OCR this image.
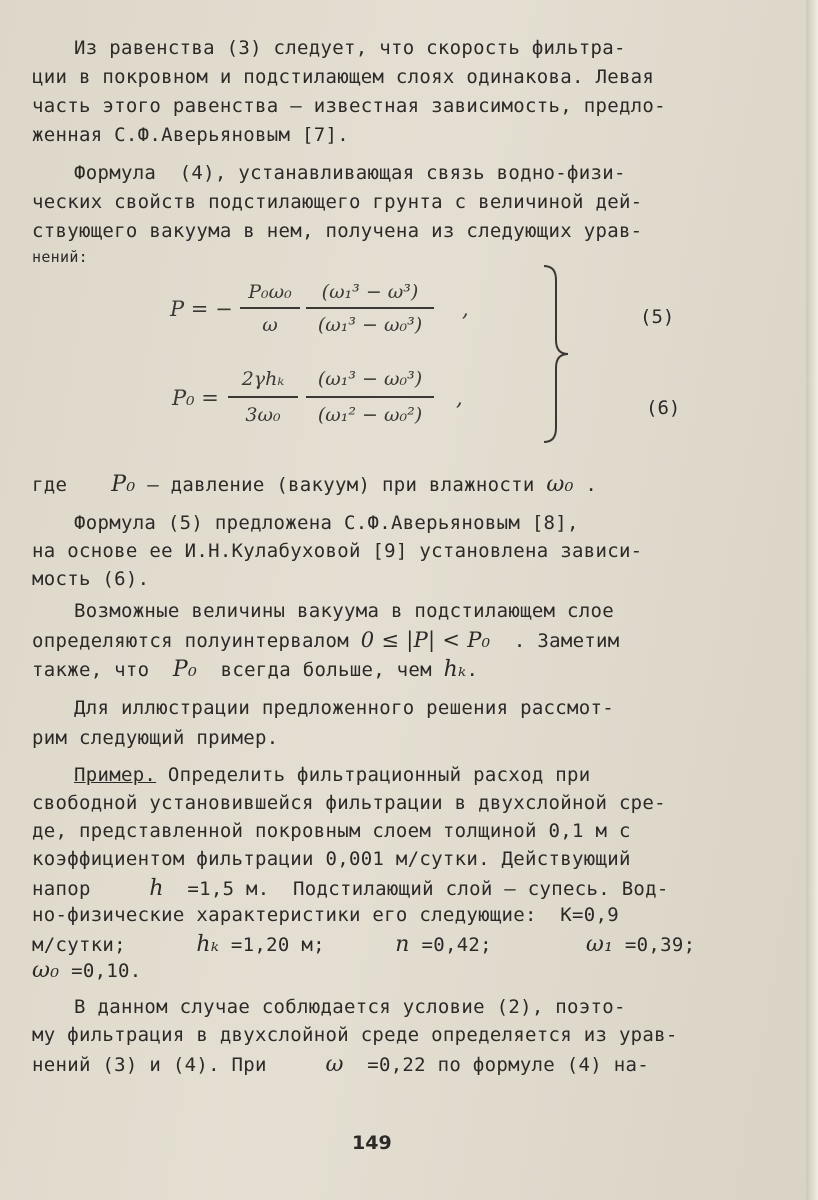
Из равенства (3) следует, что скорость фильтра-
ции в покровном и подстилающем слоях одинакова. Левая
часть этого равенства – известная зависимость, предло-
женная С.Ф.Аверьяновым [7].
Формула  (4), устанавливающая связь водно-физи-
ческих свойств подстилающего грунта с величиной дей-
ствующего вакуума в нем, получена из следующих урав-
нений:
P = −
P₀ω₀
ω
(ω₁³ − ω³)
(ω₁³ − ω₀³)
,	(5)
P₀ =
2γhₖ
3ω₀
(ω₁³ − ω₀³)
(ω₁² − ω₀²)
,	(6)
где P₀ – давление (вакуум) при влажности ω₀ .
Формула (5) предложена С.Ф.Аверьяновым [8],
на основе ее И.Н.Кулабуховой [9] установлена зависи-
мость (6).
Возможные величины вакуума в подстилающем слое
определяются полуинтервалом 0 ≤ |P| < P₀  . Заметим
также, что  P₀  всегда больше, чем hₖ.
Для иллюстрации предложенного решения рассмот-
рим следующий пример.
Пример. Определить фильтрационный расход при
свободной установившейся фильтрации в двухслойной сре-
де, представленной покровным слоем толщиной 0,1 м с
коэффициентом фильтрации 0,001 м/сутки. Действующий
напор     h  =1,5 м.  Подстилающий слой – супесь. Вод-
но-физические характеристики его следующие:  K=0,9
м/сутки;      hₖ =1,20 м;      n =0,42;        ω₁ =0,39;
ω₀ =0,10.
В данном случае соблюдается условие (2), поэто-
му фильтрация в двухслойной среде определяется из урав-
нений (3) и (4). При     ω  =0,22 по формуле (4) на-
149
